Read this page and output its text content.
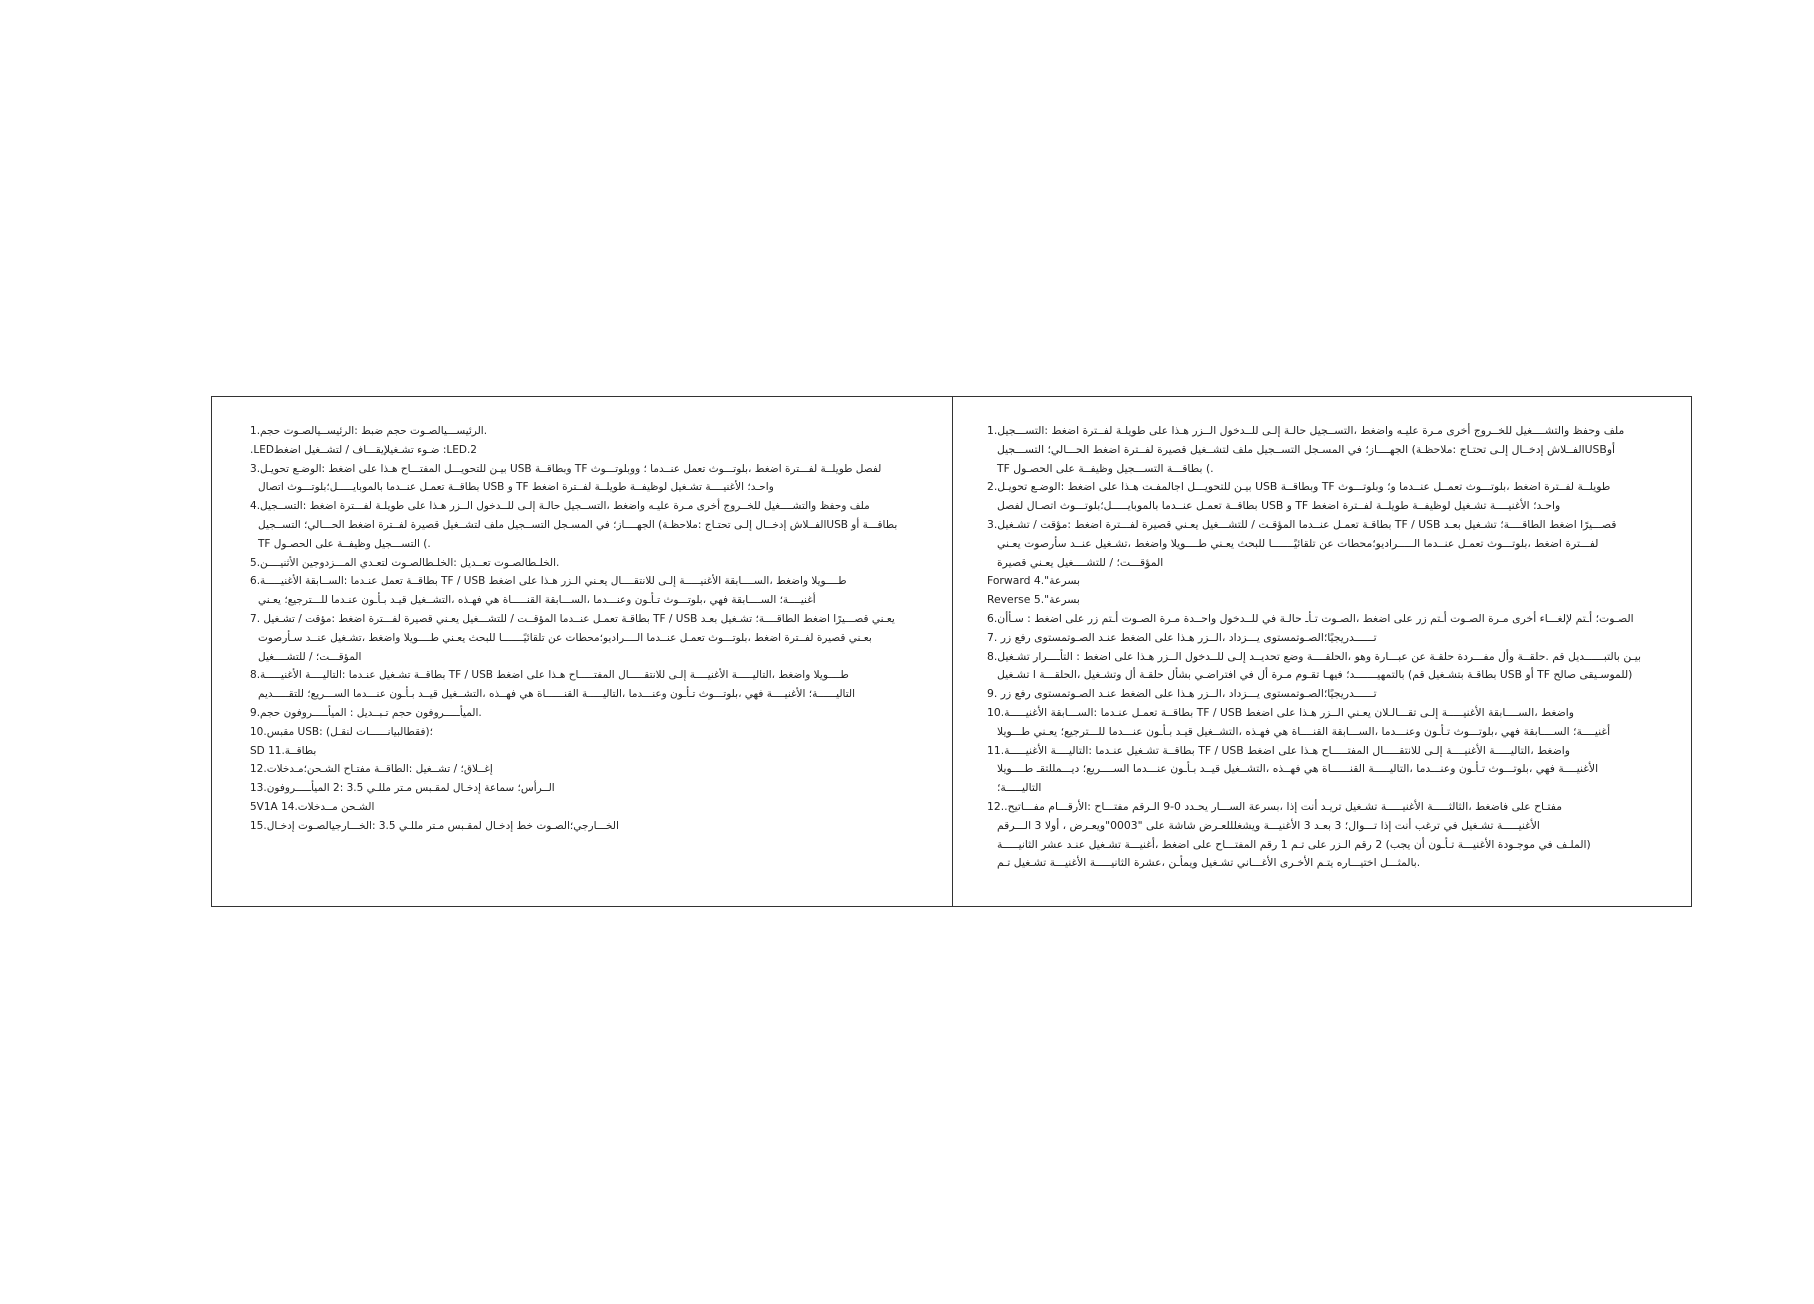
.الرئيســـيالصـوت حجم ضبط :الرئيســيالصـوت حجم.1
.LEDضـوء تشـغيلإيقـــاف / لتشــغيل اضغط :LED.2
لفصل طويلــة لفـــترة اضغط ،بلوتـــوث تعمل عنــدما ؛ ووبلوتـــوث TF وبطاقــة USB بيـن للتحويـــل المفتـــاح هـذا على اضغط :الوضـع تحويـل.3
واحـد؛ الأغنيــــة تشـغيل لوظيفــة طويلــة لفــترة اضغط TF و USB بطاقــة تعمـل عنــدما بالموبايـــــل؛بلوتـــوث اتصال
ملف وحفظ والتشــــغيل للخــروج أخرى مـرة عليـه واضغط ،التســجيل حالـة إلـى للــدخول الــزر هـذا على طويلـة لفـــترة اضغط :التســجيل.4
بطاقـــة أو USBالفــلاش إدخــال إلـى تحتـاج :ملاحظـة) الجهــــاز؛ في المسـجل التســجيل ملف لتشــغيل قصيرة لفــترة اضغط الحـــالي؛ التســجيل
TF التســـجيل وظيفــة على الحصـول (.
.الخلـطالصـوت تعــديل :الخلـطالصـوت لتعـدي المـــزدوجين الأثنيــــن.5
طــــويلا واضغط ،الســــابقة الأغنيـــــة إلـى للانتقــــال يعـني الـزر هـذا على اضغط TF / USB بطاقــة تعمل عنـدما :الســابقة الأغنيـــــة.6
أغنيــــة؛ الســــابقة فهي ،بلوتـــوث تـأـون وعنـــدما ،الســـابقة القنـــــاة هي فهـذه ،التشــغيل قيـد بـأـون عنـدما للـــترجيع؛ يعـني
يعـني قصـــيرًا اضغط الطاقــــة؛ تشـغيل بعـد TF / USB بطاقـة تعمـل عنــدما المؤقــت / للتشـــغيل يعـني قصيرة لفـــترة اضغط :مؤقت / تشـغيل .7
بعـني قصيرة لفــترة اضغط ،بلوتـــوث تعمـل عنــدما الــــراديو؛محطات عن تلقائيًـــــــا للبحث يعـني طــــويلا واضغط ،تشـغيل عنــد سـأرصوت
المؤقـــت؛ / للتشــــغيل
طــــويلا واضغط ،التاليـــــة الأغنيــــة إلـى للانتقـــــال المفتـــــاح هـذا على اضغط TF / USB بطاقــة تشـغيل عنـدما :التاليــــة الأغنيـــــة.8
التاليــــــة؛ الأغنيــــة فهي ،بلوتـــوث تـأـون وعنـــدما ،التاليـــــة القنــــــاة هي فهــذه ،التشــغيل قيــد بـأـون عنـــدما الســـريع؛ للتقـــــديم
.الميأـــــروفون حجم تـبــديل : الميأـــــروفون حجم.9
؛(فقطالبيانــــــات لنقـل) :USB مقبس.10
SD بطاقــة.11
إغــلاق؛ / تشــغيل :الطاقــة مفتـاح الشـحن؛مـدخلات.12
الــرأس؛ سماعة إدخـال لمقـبس مـتر مللـي 3.5 :2 الميأـــــروفون.13
5V1A الشـحن مــدخلات.14
الخـــارجي؛الصـوت خط إدخـال لمقـبس مـتر مللـي 3.5 :الخـــارجيالصـوت إدخـال.15
ملف وحفظ والتشــــغيل للخــروج أخرى مـرة عليـه واضغط ،التســجيل حالـة إلـى للــدخول الــزر هـذا على طويلـة لفــترة اضغط :التســـجيل.1
أوUSBالفــلاش إدخــال إلـى تحتـاج :ملاحظـة) الجهــــاز؛ في المسـجل التســجيل ملف لتشــغيل قصيرة لفــترة اضغط الحـــالي؛ التســـجيل
TF بطاقـــة التســـجيل وظيفــة على الحصـول (.
طويلــة لفــترة اضغط ،بلوتـــوث تعمــل عنــدما و؛ وبلوتـــوث TF وبطاقــة USB بيـن للتحويـــل اجالمفـت هـذا على اضغط :الوضـع تحويـل.2
واحـد؛ الأغنيــــة تشـغيل لوظيفــة طويلــة لفــترة اضغط TF و USB بطاقــة تعمـل عنــدما بالموبايـــــل؛بلوتـــوث اتصـال لفصل
قصـــيرًا اضغط الطاقــــة؛ تشـغيل بعـد TF / USB بطاقـة تعمـل عنــدما المؤقـت / للتشـــغيل يعـني قصيرة لفـــترة اضغط :مؤقت / تشـغيل.3
لفـــترة اضغط ،بلوتـــوث تعمـل عنــدما الـــــراديو؛محطات عن تلقائيًـــــــا للبحث يعـني طــــويلا واضغط ،تشـغيل عنــد سأرصوت يعـني
المؤقـــت؛ / للتشــــغيل يعـني قصيرة
Forward بسرعة".4
Reverse بسرعة".5
الصـوت؛ أـتم لإلغـــاء أخرى مـرة الصـوت أـتم زر على اضغط ،الصـوت تـأـ حالـة في للــدخول واحــدة مـرة الصـوت أـتم زر على اضغط : سـأأن.6
تــــــدريجيًا؛الصـوتمستوى يـــزداد ،الــزر هـذا على الضغط عنـد الصـوتمستوى رفع زر .7
بيـن بالتبــــــديل قم .حلقــة وأل مفـــردة حلقـة عن عبـــارة وهو ،الحلقــــة وضع تحديــد إلـى للــدخول الــزر هـذا على اضغط : التأــــرار تشـغيل.8
(للموسـيقى صالح TF أو USB بطاقـة بتشـغيل قم) بالتمهيـــــــد؛ فيهـا تقـوم مـرة أل في افتراضـي بشأل حلقـة أل وتشـغيل ،الحلقـــة ا تشـغيل
تــــــدريجيًا؛الصـوتمستوى يـــزداد ،الــزر هـذا على الضغط عنـد الصـوتمستوى رفع زر .9
واضغط ،الســــابقة الأغنيـــــة إلـى تقـــالـلان يعـني الــزر هـذا على اضغط TF / USB بطاقــة تعمـل عنـدما :الســـابقة الأغنيـــــة.10
أغنيــــة؛ الســــابقة فهي ،بلوتـــوث تـأـون وعنـــدما ،الســـابقة القنــــاة هي فهـذه ،التشــغيل قيـد بـأـون عنـــدما للـــترجيع؛ يعـني طـــويلا
واضغط ،التاليـــــة الأغنيــــة إلـى للانتقـــــال المفتـــــاح هـذا على اضغط TF / USB بطاقــة تشـغيل عنـدما :التاليــــة الأغنيـــــة.11
الأغنيــــة فهي ،بلوتـــوث تـأـون وعنـــدما ،التاليـــــة القنــــــاة هي فهــذه ،التشــغيل قيــد بـأـون عنـــدما الســــريع؛ ديـــمللتقـ طــــويلا
التاليـــــة؛
مفتـاح على فاضغط ،الثالثـــــة الأغنيـــــة تشـغيل تريـد أنت إذا ،بسرعة الســـار يحـدد 0-9 الـرقم مفتـــاح :الأرقـــام مفـــاتيح..12
الأغنيـــــة تشـغيل في ترغب أنت إذا تـــوال؛ 3 بعـد 3 الأغنيـــة ويشغلللعـرض شاشة على "0003"ويعـرض ، أولا 3 الـــرقم
(الملـف في موجـودة الأغنيـــة تـأـون أن يجب) 2 رقم الـزر على تـم 1 رقم المفتـــاح على اضغط ،أغنيـــة تشـغيل عنـد عشر الثانيـــــة
.بالمثـــل اختيـــاره يتـم الأخـرى الأغـــاني تشـغيل ويمأـن ،عشرة الثانيـــــة الأغنيـــة تشـغيل تـم
